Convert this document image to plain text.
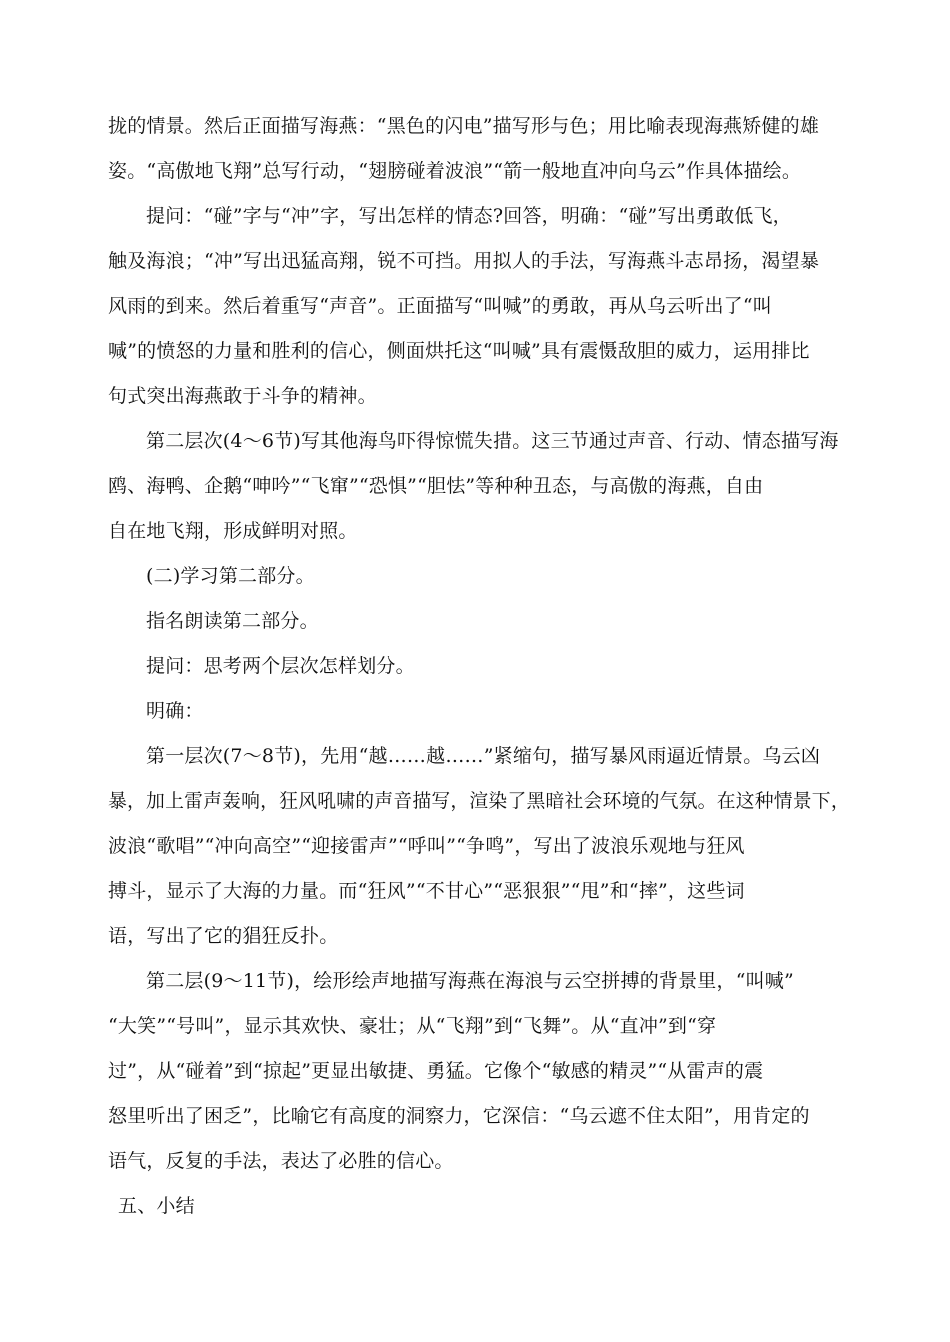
拢的情景。然后正面描写海燕：“黑色的闪电”描写形与色；用比喻表现海燕矫健的雄
姿。“高傲地飞翔”总写行动，“翅膀碰着波浪”“箭一般地直冲向乌云”作具体描绘。
提问：“碰”字与“冲”字，写出怎样的情态?回答，明确：“碰”写出勇敢低飞，
触及海浪；“冲”写出迅猛高翔，锐不可挡。用拟人的手法，写海燕斗志昂扬，渴望暴
风雨的到来。然后着重写“声音”。正面描写“叫喊”的勇敢，再从乌云听出了“叫
喊”的愤怒的力量和胜利的信心，侧面烘托这“叫喊”具有震慑敌胆的威力，运用排比
句式突出海燕敢于斗争的精神。
第二层次(4～6节)写其他海鸟吓得惊慌失措。这三节通过声音、行动、情态描写海
鸥、海鸭、企鹅“呻吟”“飞窜”“恐惧”“胆怯”等种种丑态，与高傲的海燕，自由
自在地飞翔，形成鲜明对照。
(二)学习第二部分。
指名朗读第二部分。
提问：思考两个层次怎样划分。
明确：
第一层次(7～8节)，先用“越……越……”紧缩句，描写暴风雨逼近情景。乌云凶
暴，加上雷声轰响，狂风吼啸的声音描写，渲染了黑暗社会环境的气氛。在这种情景下，
波浪“歌唱”“冲向高空”“迎接雷声”“呼叫”“争鸣”，写出了波浪乐观地与狂风
搏斗，显示了大海的力量。而“狂风”“不甘心”“恶狠狠”“甩”和“摔”，这些词
语，写出了它的猖狂反扑。
第二层(9～11节)，绘形绘声地描写海燕在海浪与云空拼搏的背景里，“叫喊”
“大笑”“号叫”，显示其欢快、豪壮；从“飞翔”到“飞舞”。从“直冲”到“穿
过”，从“碰着”到“掠起”更显出敏捷、勇猛。它像个“敏感的精灵”“从雷声的震
怒里听出了困乏”，比喻它有高度的洞察力，它深信：“乌云遮不住太阳”，用肯定的
语气，反复的手法，表达了必胜的信心。
五、小结
